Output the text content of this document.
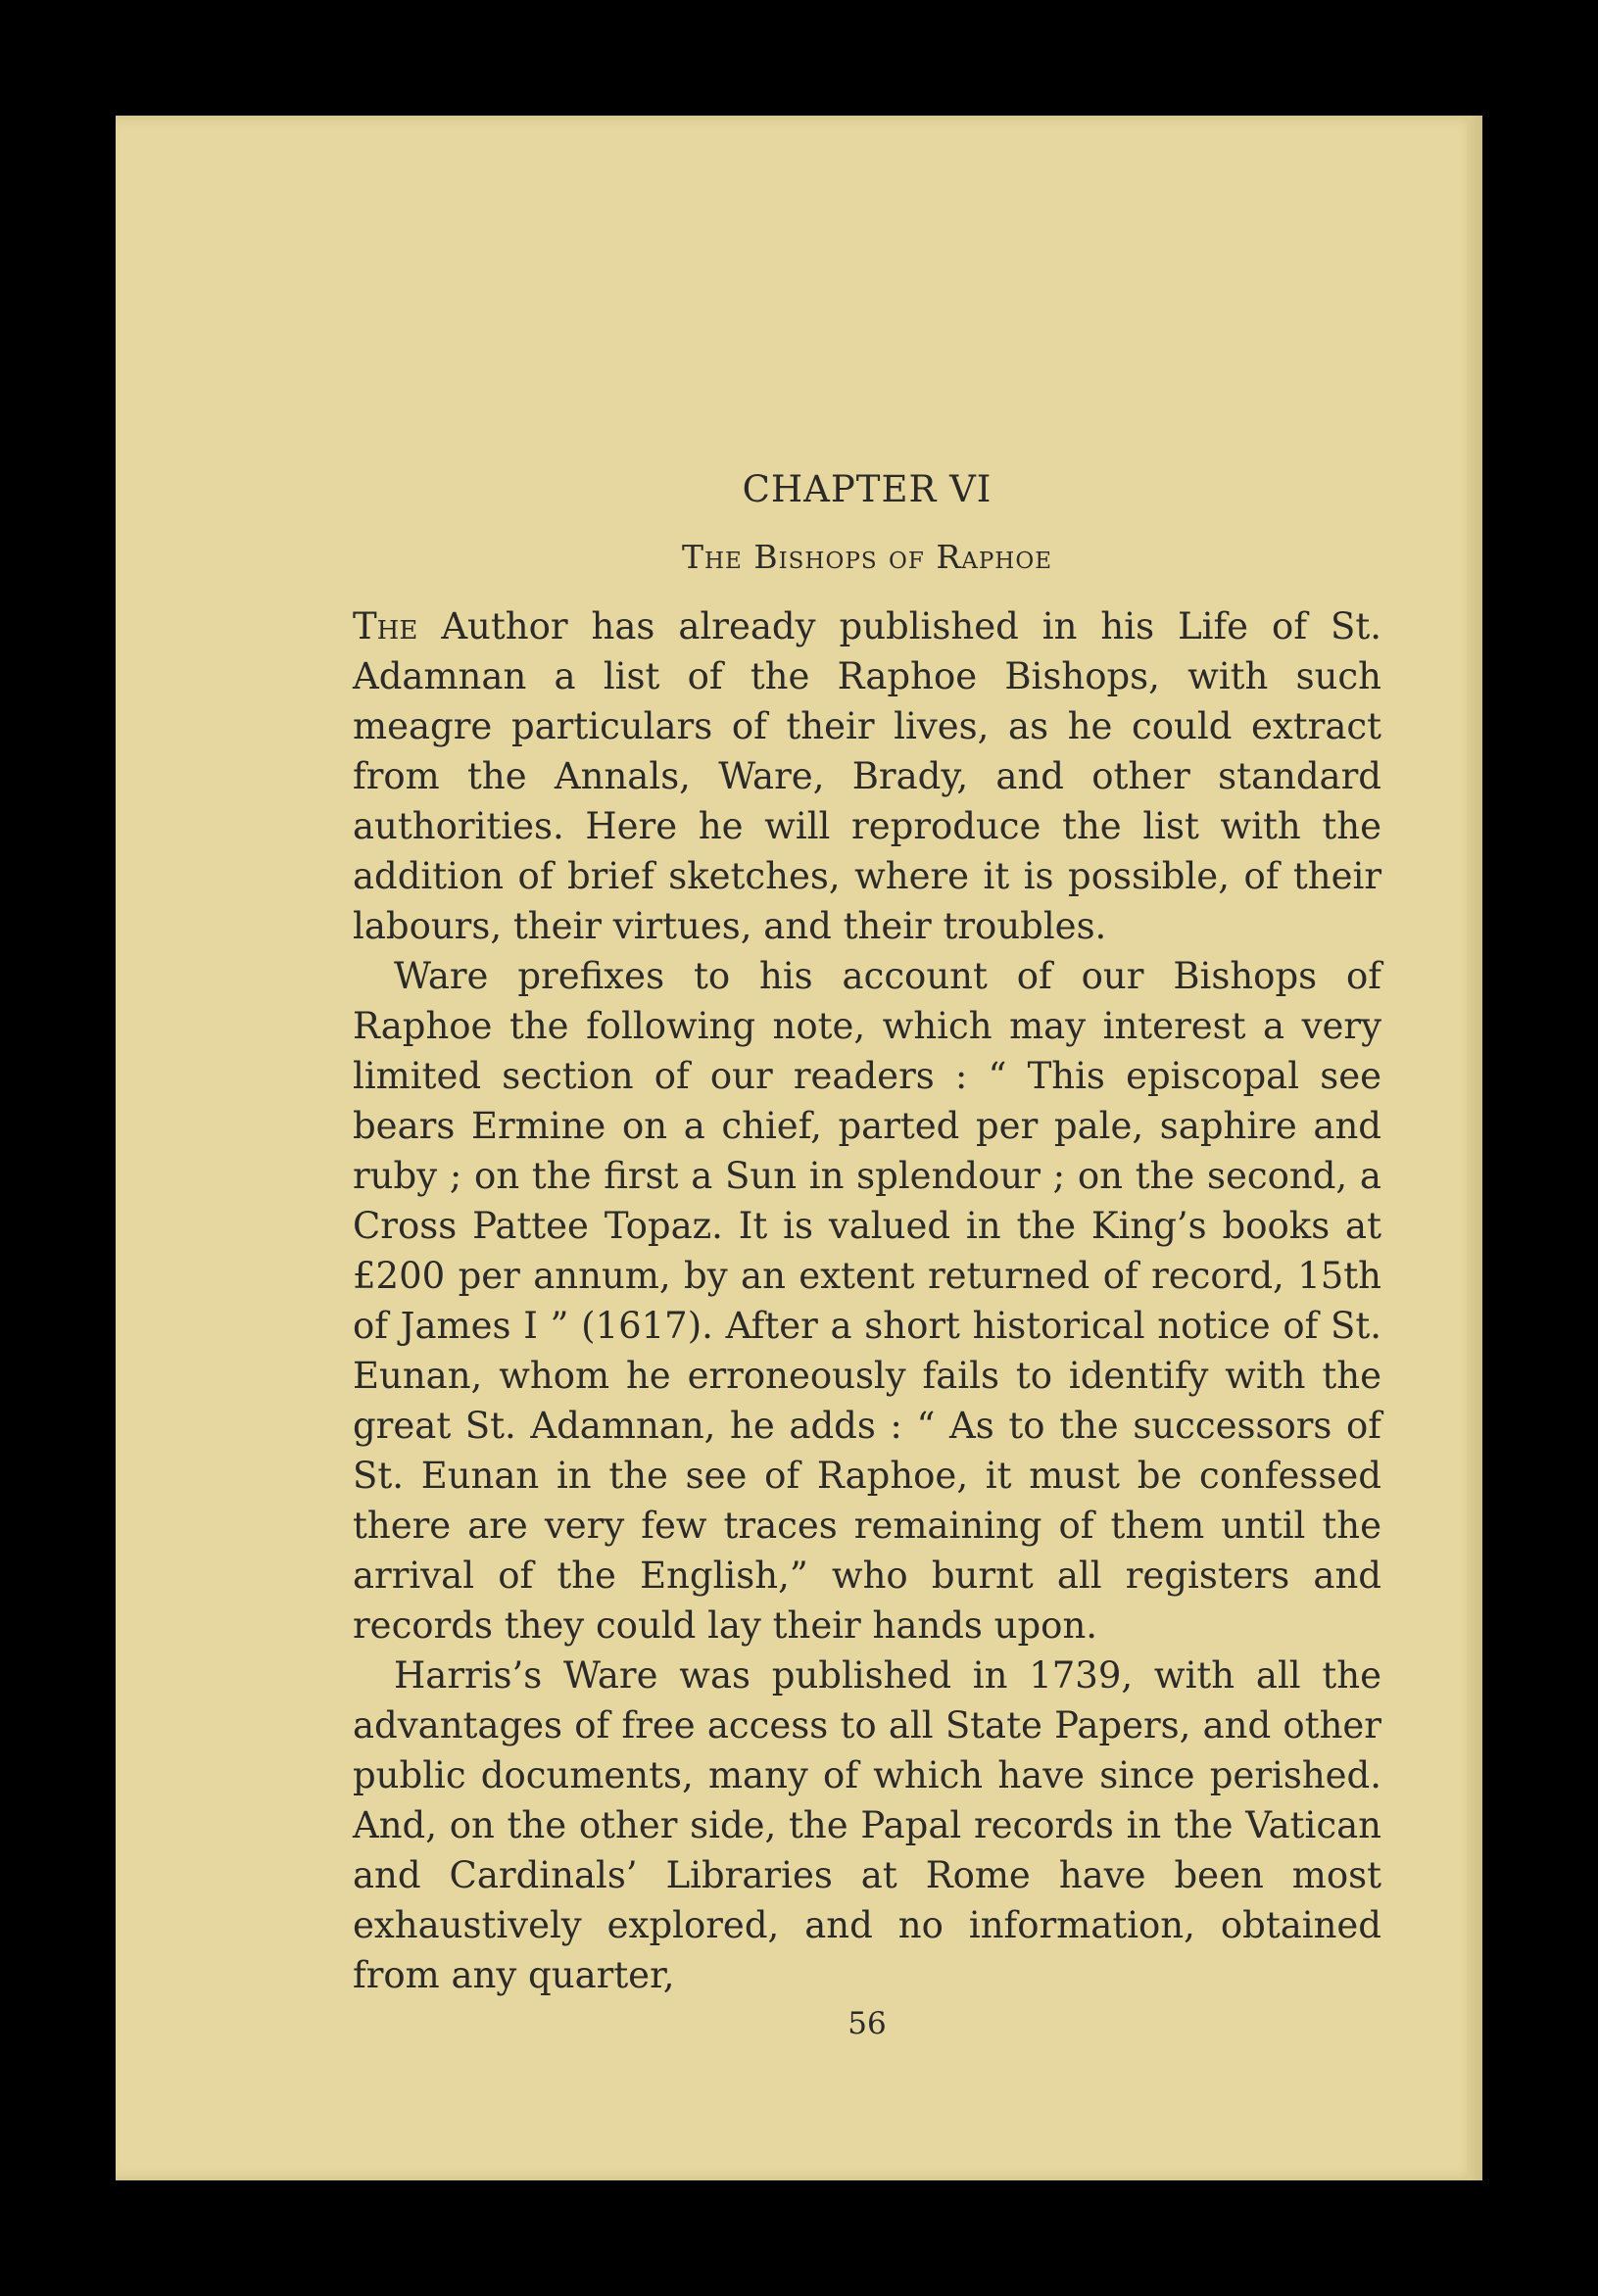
CHAPTER VI
The Bishops of Raphoe

The Author has already published in his Life of St. Adamnan a list of the Raphoe Bishops, with such meagre particulars of their lives, as he could extract from the Annals, Ware, Brady, and other standard authorities. Here he will reproduce the list with the addition of brief sketches, where it is possible, of their labours, their virtues, and their troubles.

Ware prefixes to his account of our Bishops of Raphoe the following note, which may interest a very limited section of our readers : “ This episcopal see bears Ermine on a chief, parted per pale, saphire and ruby ; on the first a Sun in splendour ; on the second, a Cross Pattee Topaz. It is valued in the King’s books at £200 per annum, by an extent returned of record, 15th of James I ” (1617). After a short historical notice of St. Eunan, whom he erroneously fails to identify with the great St. Adamnan, he adds : “ As to the successors of St. Eunan in the see of Raphoe, it must be confessed there are very few traces remaining of them until the arrival of the English,” who burnt all registers and records they could lay their hands upon.

Harris’s Ware was published in 1739, with all the advantages of free access to all State Papers, and other public documents, many of which have since perished. And, on the other side, the Papal records in the Vatican and Cardinals’ Libraries at Rome have been most exhaustively explored, and no information, obtained from any quarter,

56
